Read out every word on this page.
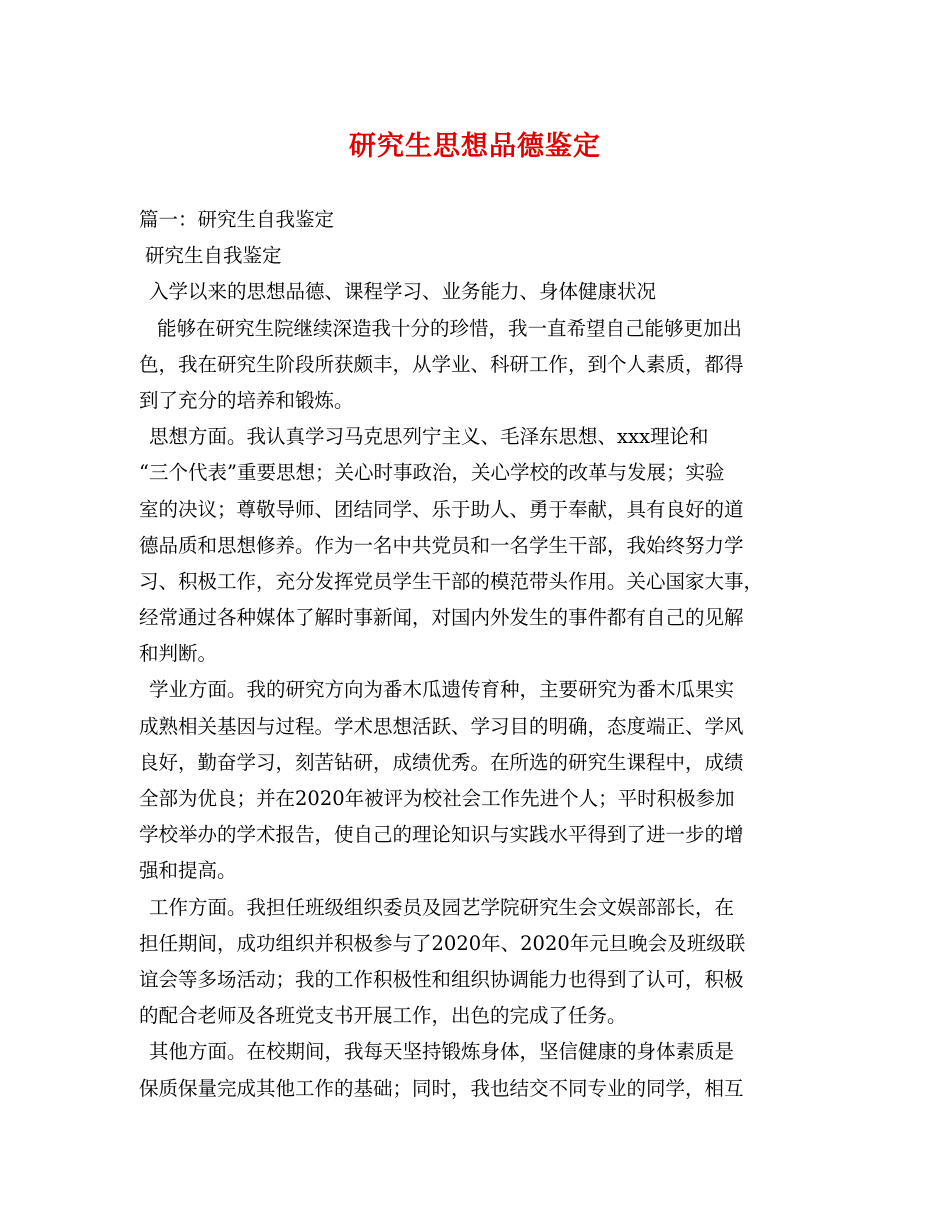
研究生思想品德鉴定
篇一：研究生自我鉴定
研究生自我鉴定
入学以来的思想品德、课程学习、业务能力、身体健康状况
能够在研究生院继续深造我十分的珍惜，我一直希望自己能够更加出
色，我在研究生阶段所获颇丰，从学业、科研工作，到个人素质，都得
到了充分的培养和锻炼。
思想方面。我认真学习马克思列宁主义、毛泽东思想、xxx理论和
“三个代表”重要思想；关心时事政治，关心学校的改革与发展；实验
室的决议；尊敬导师、团结同学、乐于助人、勇于奉献，具有良好的道
德品质和思想修养。作为一名中共党员和一名学生干部，我始终努力学
习、积极工作，充分发挥党员学生干部的模范带头作用。关心国家大事，
经常通过各种媒体了解时事新闻，对国内外发生的事件都有自己的见解
和判断。
学业方面。我的研究方向为番木瓜遗传育种，主要研究为番木瓜果实
成熟相关基因与过程。学术思想活跃、学习目的明确，态度端正、学风
良好，勤奋学习，刻苦钻研，成绩优秀。在所选的研究生课程中，成绩
全部为优良；并在2020年被评为校社会工作先进个人；平时积极参加
学校举办的学术报告，使自己的理论知识与实践水平得到了进一步的增
强和提高。
工作方面。我担任班级组织委员及园艺学院研究生会文娱部部长，在
担任期间，成功组织并积极参与了2020年、2020年元旦晚会及班级联
谊会等多场活动；我的工作积极性和组织协调能力也得到了认可，积极
的配合老师及各班党支书开展工作，出色的完成了任务。
其他方面。在校期间，我每天坚持锻炼身体，坚信健康的身体素质是
保质保量完成其他工作的基础；同时，我也结交不同专业的同学，相互
